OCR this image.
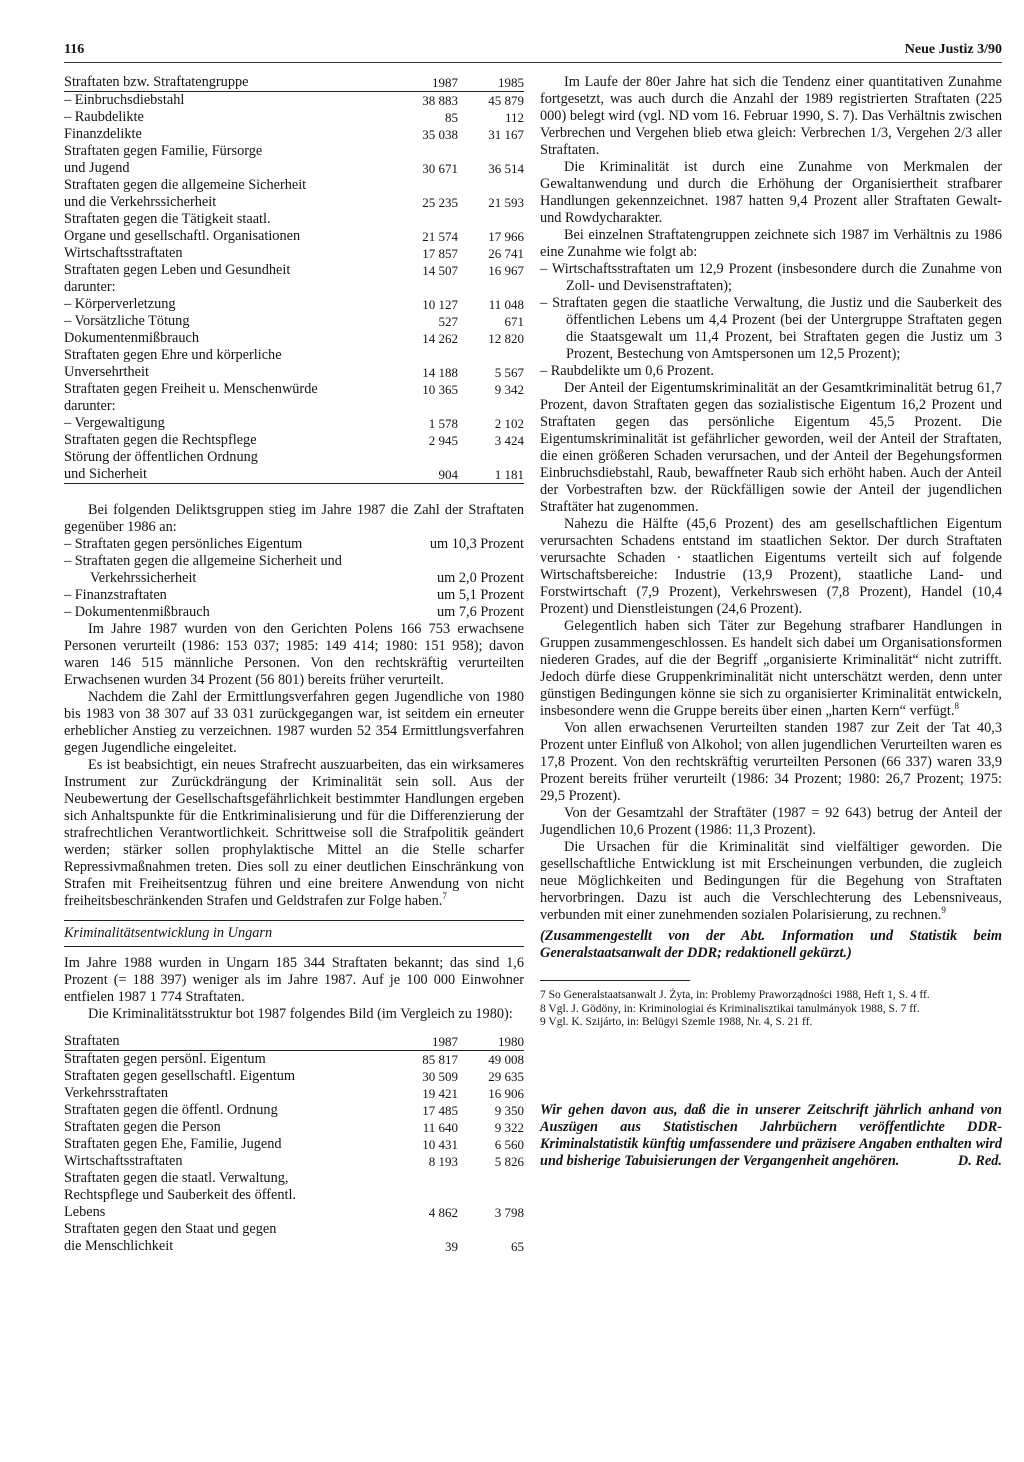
116	Neue Justiz 3/90
Straftaten bzw. Straftatengruppe	1987	1985
– Einbruchsdiebstahl	38 883	45 879
– Raubdelikte	85	112
Finanzdelikte	35 038	31 167
Straftaten gegen Familie, Fürsorge		
und Jugend	30 671	36 514
Straftaten gegen die allgemeine Sicherheit		
und die Verkehrssicherheit	25 235	21 593
Straftaten gegen die Tätigkeit staatl.		
Organe und gesellschaftl. Organisationen	21 574	17 966
Wirtschaftsstraftaten	17 857	26 741
Straftaten gegen Leben und Gesundheit	14 507	16 967
darunter:		
– Körperverletzung	10 127	11 048
– Vorsätzliche Tötung	527	671
Dokumentenmißbrauch	14 262	12 820
Straftaten gegen Ehre und körperliche		
Unversehrtheit	14 188	5 567
Straftaten gegen Freiheit u. Menschenwürde	10 365	9 342
darunter:		
– Vergewaltigung	1 578	2 102
Straftaten gegen die Rechtspflege	2 945	3 424
Störung der öffentlichen Ordnung		
und Sicherheit	904	1 181

Bei folgenden Deliktsgruppen stieg im Jahre 1987 die Zahl der Straftaten gegenüber 1986 an:

– Straftaten gegen persönliches Eigentum	um 10,3 Prozent
– Straftaten gegen die allgemeine Sicherheit und Verkehrssicherheit	um 2,0 Prozent
– Finanzstraftaten	um 5,1 Prozent
– Dokumentenmißbrauch	um 7,6 Prozent

Im Jahre 1987 wurden von den Gerichten Polens 166 753 erwachsene Personen verurteilt (1986: 153 037; 1985: 149 414; 1980: 151 958); davon waren 146 515 männliche Personen. Von den rechtskräftig verurteilten Erwachsenen wurden 34 Prozent (56 801) bereits früher verurteilt.

Nachdem die Zahl der Ermittlungsverfahren gegen Jugendliche von 1980 bis 1983 von 38 307 auf 33 031 zurückgegangen war, ist seitdem ein erneuter erheblicher Anstieg zu verzeichnen. 1987 wurden 52 354 Ermittlungsverfahren gegen Jugendliche eingeleitet.

Es ist beabsichtigt, ein neues Strafrecht auszuarbeiten, das ein wirksameres Instrument zur Zurückdrängung der Kriminalität sein soll. Aus der Neubewertung der Gesellschaftsgefährlichkeit bestimmter Handlungen ergeben sich Anhaltspunkte für die Entkriminalisierung und für die Differenzierung der strafrechtlichen Verantwortlichkeit. Schrittweise soll die Strafpolitik geändert werden; stärker sollen prophylaktische Mittel an die Stelle scharfer Repressivmaßnahmen treten. Dies soll zu einer deutlichen Einschränkung von Strafen mit Freiheitsentzug führen und eine breitere Anwendung von nicht freiheitsbeschränkenden Strafen und Geldstrafen zur Folge haben.$^7$

Kriminalitätsentwicklung in Ungarn

Im Jahre 1988 wurden in Ungarn 185 344 Straftaten bekannt; das sind 1,6 Prozent (= 188 397) weniger als im Jahre 1987. Auf je 100 000 Einwohner entfielen 1987 1 774 Straftaten.

Die Kriminalitätsstruktur bot 1987 folgendes Bild (im Vergleich zu 1980):

Straftaten	1987	1980
Straftaten gegen persönl. Eigentum	85 817	49 008
Straftaten gegen gesellschaftl. Eigentum	30 509	29 635
Verkehrsstraftaten	19 421	16 906
Straftaten gegen die öffentl. Ordnung	17 485	9 350
Straftaten gegen die Person	11 640	9 322
Straftaten gegen Ehe, Familie, Jugend	10 431	6 560
Wirtschaftsstraftaten	8 193	5 826
Straftaten gegen die staatl. Verwaltung,		
Rechtspflege und Sauberkeit des öffentl.		
Lebens	4 862	3 798
Straftaten gegen den Staat und gegen		
die Menschlichkeit	39	65

Im Laufe der 80er Jahre hat sich die Tendenz einer quantitativen Zunahme fortgesetzt, was auch durch die Anzahl der 1989 registrierten Straftaten (225 000) belegt wird (vgl. ND vom 16. Februar 1990, S. 7). Das Verhältnis zwischen Verbrechen und Vergehen blieb etwa gleich: Verbrechen 1/3, Vergehen 2/3 aller Straftaten.

Die Kriminalität ist durch eine Zunahme von Merkmalen der Gewaltanwendung und durch die Erhöhung der Organisiertheit strafbarer Handlungen gekennzeichnet. 1987 hatten 9,4 Prozent aller Straftaten Gewalt- und Rowdycharakter.

Bei einzelnen Straftatengruppen zeichnete sich 1987 im Verhältnis zu 1986 eine Zunahme wie folgt ab:

– Wirtschaftsstraftaten um 12,9 Prozent (insbesondere durch die Zunahme von Zoll- und Devisenstraftaten);

– Straftaten gegen die staatliche Verwaltung, die Justiz und die Sauberkeit des öffentlichen Lebens um 4,4 Prozent (bei der Untergruppe Straftaten gegen die Staatsgewalt um 11,4 Prozent, bei Straftaten gegen die Justiz um 3 Prozent, Bestechung von Amtspersonen um 12,5 Prozent);

– Raubdelikte um 0,6 Prozent.

Der Anteil der Eigentumskriminalität an der Gesamtkriminalität betrug 61,7 Prozent, davon Straftaten gegen das sozialistische Eigentum 16,2 Prozent und Straftaten gegen das persönliche Eigentum 45,5 Prozent. Die Eigentumskriminalität ist gefährlicher geworden, weil der Anteil der Straftaten, die einen größeren Schaden verursachen, und der Anteil der Begehungsformen Einbruchsdiebstahl, Raub, bewaffneter Raub sich erhöht haben. Auch der Anteil der Vorbestraften bzw. der Rückfälligen sowie der Anteil der jugendlichen Straftäter hat zugenommen.

Nahezu die Hälfte (45,6 Prozent) des am gesellschaftlichen Eigentum verursachten Schadens entstand im staatlichen Sektor. Der durch Straftaten verursachte Schaden · staatlichen Eigentums verteilt sich auf folgende Wirtschaftsbereiche: Industrie (13,9 Prozent), staatliche Land- und Forstwirtschaft (7,9 Prozent), Verkehrswesen (7,8 Prozent), Handel (10,4 Prozent) und Dienstleistungen (24,6 Prozent).

Gelegentlich haben sich Täter zur Begehung strafbarer Handlungen in Gruppen zusammengeschlossen. Es handelt sich dabei um Organisationsformen niederen Grades, auf die der Begriff „organisierte Kriminalität“ nicht zutrifft. Jedoch dürfe diese Gruppenkriminalität nicht unterschätzt werden, denn unter günstigen Bedingungen könne sie sich zu organisierter Kriminalität entwickeln, insbesondere wenn die Gruppe bereits über einen „harten Kern“ verfügt.$^8$

Von allen erwachsenen Verurteilten standen 1987 zur Zeit der Tat 40,3 Prozent unter Einfluß von Alkohol; von allen jugendlichen Verurteilten waren es 17,8 Prozent. Von den rechtskräftig verurteilten Personen (66 337) waren 33,9 Prozent bereits früher verurteilt (1986: 34 Prozent; 1980: 26,7 Prozent; 1975: 29,5 Prozent).

Von der Gesamtzahl der Straftäter (1987 = 92 643) betrug der Anteil der Jugendlichen 10,6 Prozent (1986: 11,3 Prozent).

Die Ursachen für die Kriminalität sind vielfältiger geworden. Die gesellschaftliche Entwicklung ist mit Erscheinungen verbunden, die zugleich neue Möglichkeiten und Bedingungen für die Begehung von Straftaten hervorbringen. Dazu ist auch die Verschlechterung des Lebensniveaus, verbunden mit einer zunehmenden sozialen Polarisierung, zu rechnen.$^9$

(Zusammengestellt von der Abt. Information und Statistik beim Generalstaatsanwalt der DDR; redaktionell gekürzt.)

7 So Generalstaatsanwalt J. Żyta, in: Problemy Praworządności 1988, Heft 1, S. 4 ff.

8 Vgl. J. Gödöny, in: Kriminologiai és Kriminalisztikai tanulmányok 1988, S. 7 ff.

9 Vgl. K. Szijárto, in: Belügyi Szemle 1988, Nr. 4, S. 21 ff.

Wir gehen davon aus, daß die in unserer Zeitschrift jährlich anhand von Auszügen aus Statistischen Jahrbüchern veröffentlichte DDR-Kriminalstatistik künftig umfassendere und präzisere Angaben enthalten wird und bisherige Tabuisierungen der Vergangenheit angehören.	D. Red.
